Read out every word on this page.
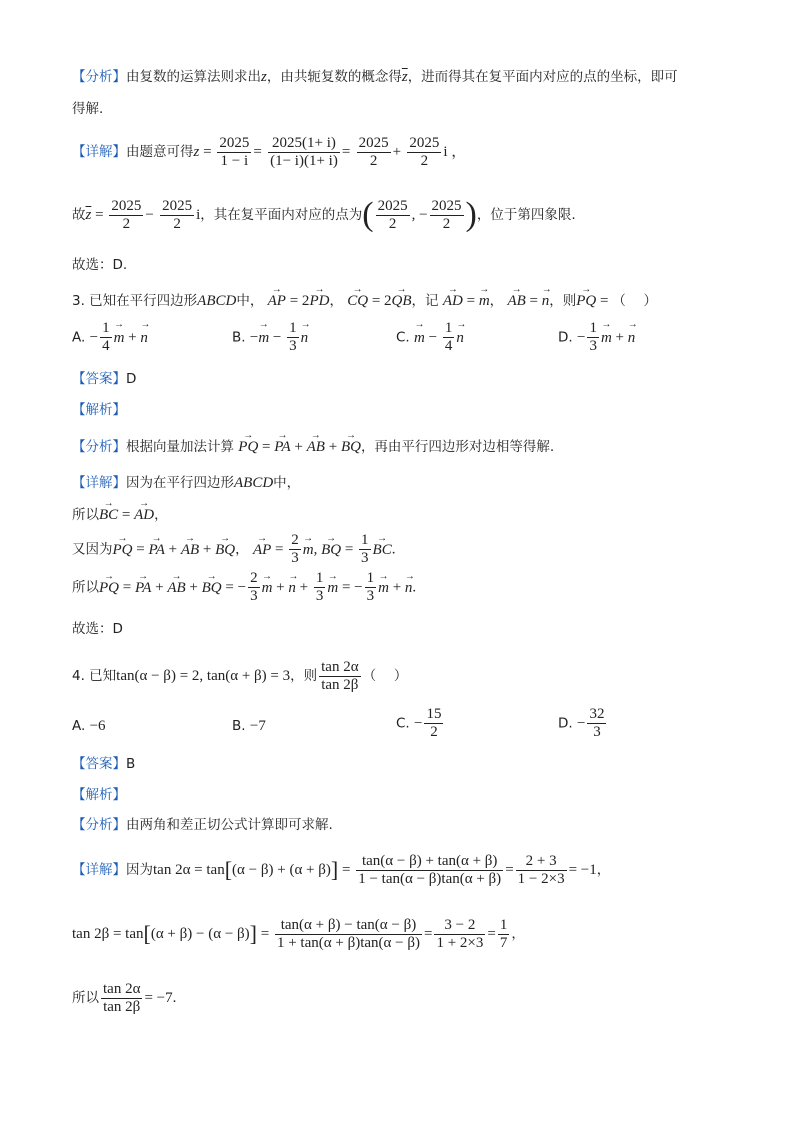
【分析】由复数的运算法则求出z，由共轭复数的概念得$\overline{z}$，进而得其在复平面内对应的点的坐标，即可
得解.
【详解】由题意可得$z = \frac{2025}{1 - i} = \frac{2025(1+ i)}{(1- i)(1+ i)} = \frac{2025}{2} + \frac{2025}{2}$ i ，
故$\overline{z} = \frac{2025}{2} - \frac{2025}{2}$ i，其在复平面内对应的点为( $\frac{2025}{2}$ , − $\frac{2025}{2}$ )，位于第四象限.
故选：D.
3. 已知在平行四边形ABCD中， → AP = 2→ PD， → CQ = 2→ QB，记 → AD = → m， → AB = → n，则→ PQ = （　 ）
A. − $\frac{1}{4} \to m$ + → n	B. −→ $m - \frac{1}{3} \to n$	C. → $m - \frac{1}{4} \to n$	D. − $\frac{1}{3} \to m$ + → n
【答案】D
【解析】
【分析】根据向量加法计算 → PQ = → PA + → AB + → BQ，再由平行四边形对边相等得解.
【详解】因为在平行四边形ABCD中，
所以→ BC = → AD，
又因为→ PQ = → PA + → AB + → BQ， → AP = $\frac{2}{3} \to m$, → BQ = $\frac{1}{3}$ → BC.
所以→ PQ = → PA + → AB + → BQ = − $\frac{2}{3} \to m$ + → $n + \frac{1}{3} \to m$ = − $\frac{1}{3} \to m$ + → n.
故选：D
4. 已知tan(α − β) = 2, tan(α + β) = 3，则 $\frac{\tan 2\alpha}{\tan 2\beta}$ （　 ）
A. −6	B. −7	C. − $\frac{15}{2}$	D. − $\frac{32}{3}$
【答案】B
【解析】
【分析】由两角和差正切公式计算即可求解.
【详解】因为$\tan 2\alpha = \tan[(\alpha - \beta) + (\alpha + \beta)] = \frac{\tan(\alpha - \beta) + \tan(\alpha + \beta)}{1 - \tan(\alpha - \beta)\tan(\alpha + \beta)} = \frac{2 + 3}{1 - 2\times 3} = -1$，
$\tan 2\beta = \tan[(\alpha + \beta) - (\alpha - \beta)] = \frac{\tan(\alpha + \beta) - \tan(\alpha - \beta)}{1 + \tan(\alpha + \beta)\tan(\alpha - \beta)} = \frac{3 - 2}{1 + 2\times 3} = \frac{1}{7}$ ，
所以 $\frac{\tan 2\alpha}{\tan 2\beta} = -7$.
